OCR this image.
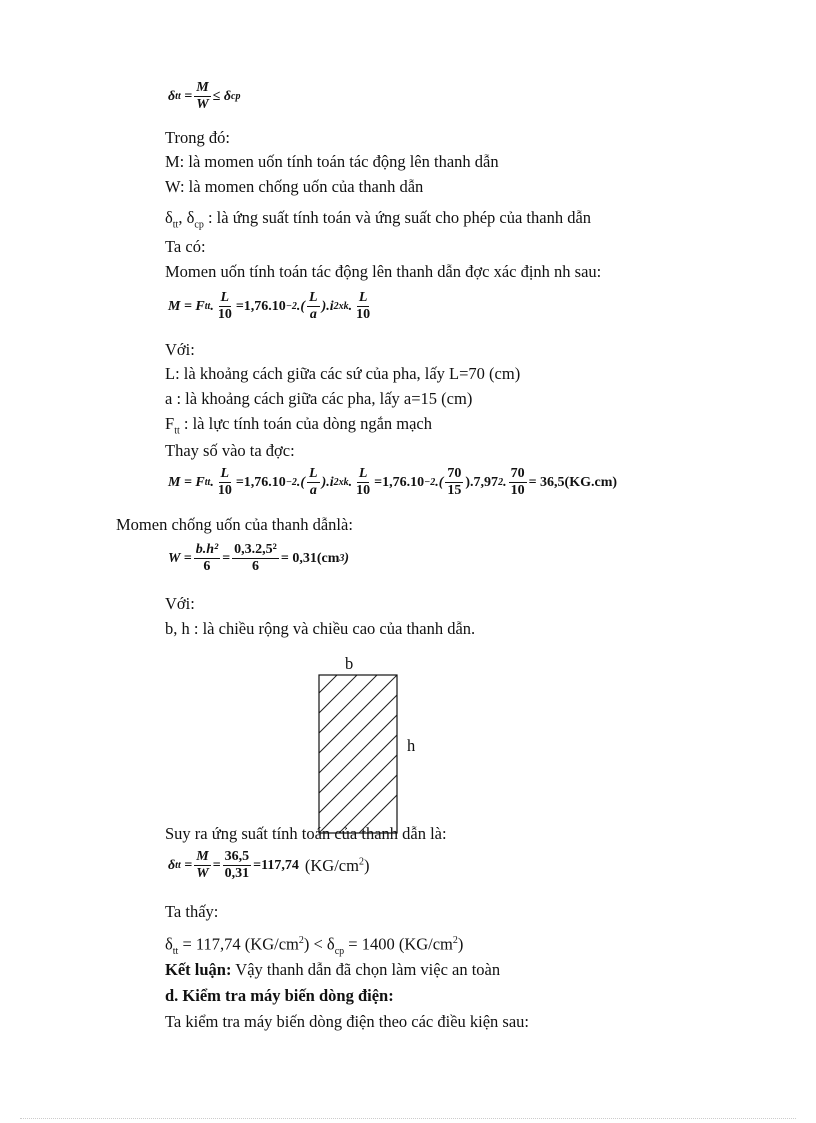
δ tt = $\frac{M}{W} \le \delta$ cp
Trong đó:
M: là momen uốn tính toán tác động lên thanh dẫn
W: là momen chống uốn của thanh dẫn
$\delta_{tt}$, $\delta_{cp}$ : là ứng suất tính toán và ứng suất cho phép của thanh dẫn
Ta có:
Momen uốn tính toán tác động lên thanh dẫn đợc xác định nh sau:
M = F tt . $\frac{L}{10} =1,76.10 -2$ .( $\frac{L}{a} ).i$ 2 xk . $\frac{L}{10}$
Với:
L: là khoảng cách giữa các sứ của pha, lấy L=70 (cm)
a : là khoảng cách giữa các pha, lấy a=15 (cm)
$F_{tt}$ : là lực tính toán của dòng ngắn mạch
Thay số vào ta đợc:
M = F tt . $\frac{L}{10} =1,76.10 -2$ .( $\frac{L}{a} ).i$ 2 xk . $\frac{L}{10} =1,76.10 -2$ .( $\frac{70}{15} ).7,97$ 2 . $\frac{70}{10} = 36,5(KG.cm)$
Momen chống uốn của thanh dẫnlà:
$W = \frac{\text{b.h²}}{6} = \frac{\text{0,3.2,5²}}{6} = 0,31(cm$ 3 )
Với:
b, h : là chiều rộng và chiều cao của thanh dẫn.
b
h
Suy ra ứng suất tính toán của thanh dẫn là:
δ tt
= $\frac{M}{W} = \frac{36,5}{0,31} =117,74$ $(KG/cm^2)$
Ta thấy:
$\delta_{tt} = 117,74$ $(KG/cm^2) < \delta_{cp} = 1400$ $(KG/cm^2)$
Kết luận: Vậy thanh dẫn đã chọn làm việc an toàn
d. Kiểm tra máy biến dòng điện:
Ta kiểm tra máy biến dòng điện theo các điều kiện sau:
